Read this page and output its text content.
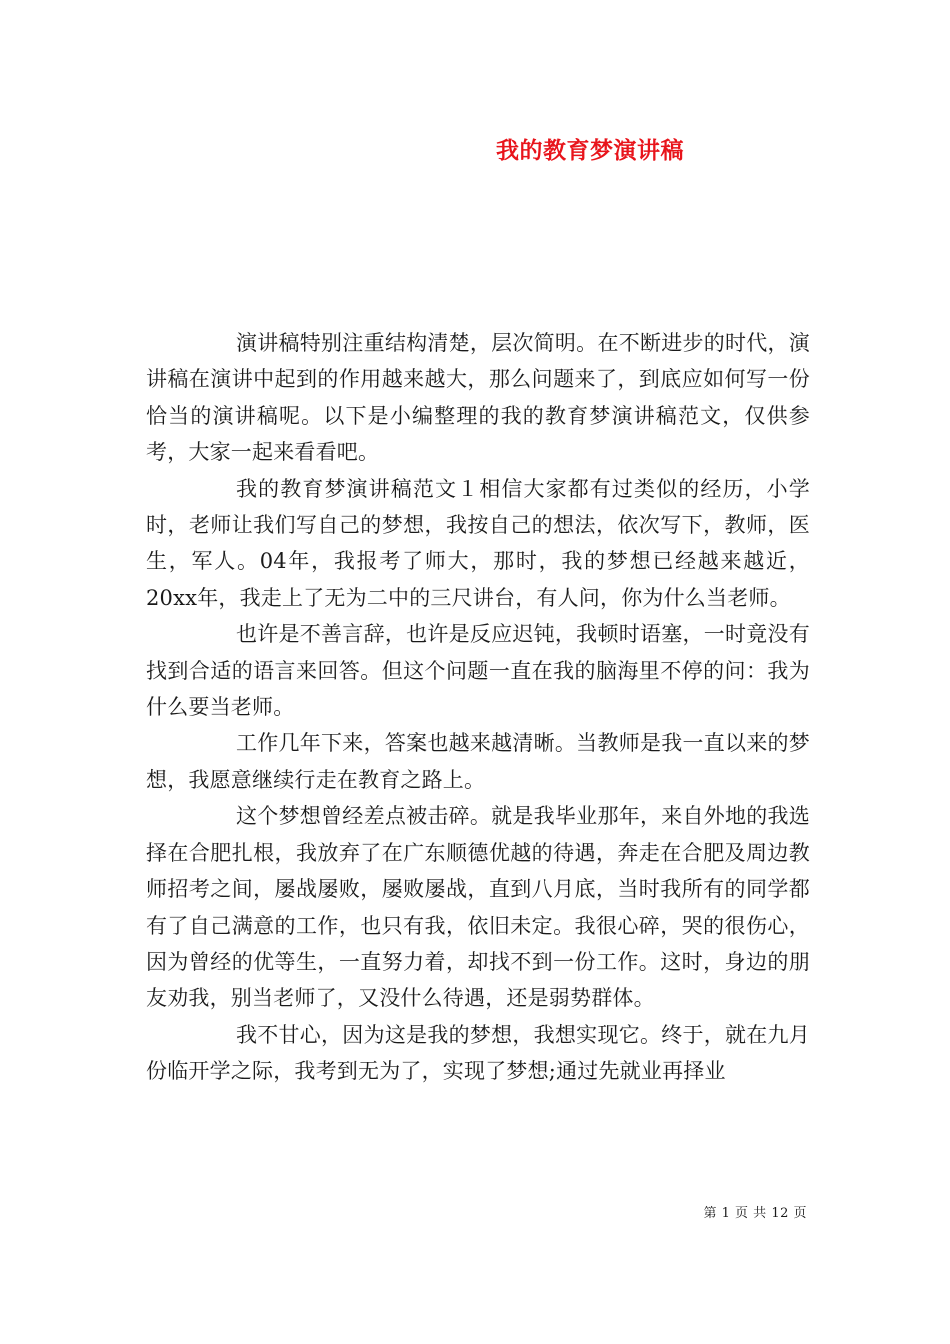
我的教育梦演讲稿

演讲稿特别注重结构清楚，层次简明。在不断进步的时代，演讲稿在演讲中起到的作用越来越大，那么问题来了，到底应如何写一份恰当的演讲稿呢。以下是小编整理的我的教育梦演讲稿范文，仅供参考，大家一起来看看吧。

我的教育梦演讲稿范文１相信大家都有过类似的经历，小学时，老师让我们写自己的梦想，我按自己的想法，依次写下，教师，医生，军人。04年，我报考了师大，那时，我的梦想已经越来越近，20xx年，我走上了无为二中的三尺讲台，有人问，你为什么当老师。

也许是不善言辞，也许是反应迟钝，我顿时语塞，一时竟没有找到合适的语言来回答。但这个问题一直在我的脑海里不停的问：我为什么要当老师。

工作几年下来，答案也越来越清晰。当教师是我一直以来的梦想，我愿意继续行走在教育之路上。

这个梦想曾经差点被击碎。就是我毕业那年，来自外地的我选择在合肥扎根，我放弃了在广东顺德优越的待遇，奔走在合肥及周边教师招考之间，屡战屡败，屡败屡战，直到八月底，当时我所有的同学都有了自己满意的工作，也只有我，依旧未定。我很心碎，哭的很伤心，因为曾经的优等生，一直努力着，却找不到一份工作。这时，身边的朋友劝我，别当老师了，又没什么待遇，还是弱势群体。

我不甘心，因为这是我的梦想，我想实现它。终于，就在九月份临开学之际，我考到无为了，实现了梦想;通过先就业再择业

第 1 页 共 12 页
